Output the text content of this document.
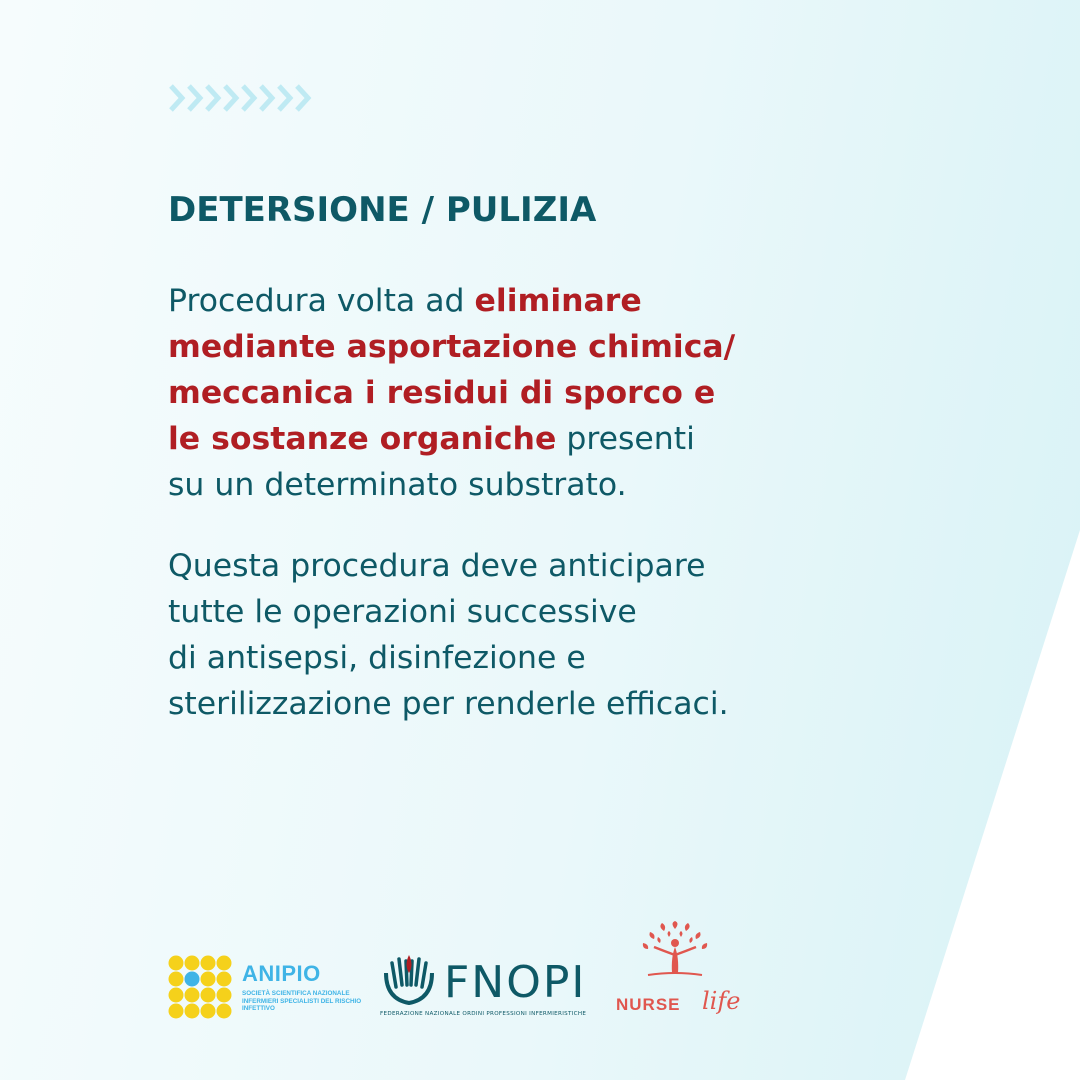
DETERSIONE / PULIZIA
Procedura volta ad eliminare
mediante asportazione chimica/
meccanica i residui di sporco e
le sostanze organiche presenti
su un determinato substrato.
Questa procedura deve anticipare
tutte le operazioni successive
di antisepsi, disinfezione e
sterilizzazione per renderle efficaci.
ANIPIO
SOCIETÀ SCIENTIFICA NAZIONALE INFERMIERI SPECIALISTI DEL RISCHIO INFETTIVO
FNOPI
FEDERAZIONE NAZIONALE ORDINI PROFESSIONI INFERMIERISTICHE NURSE life
